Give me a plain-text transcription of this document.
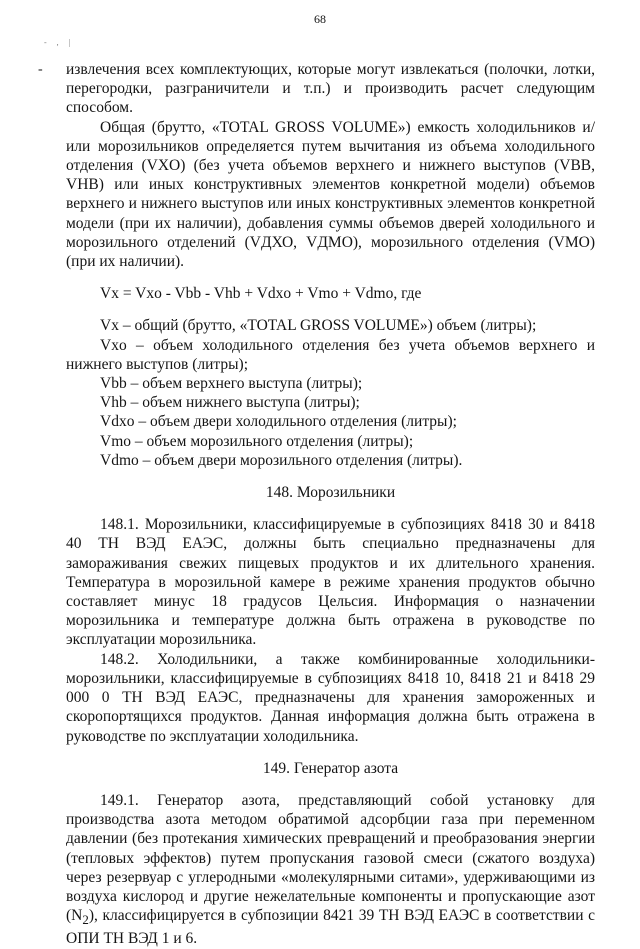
68
- , |
- извлечения всех комплектующих, которые могут извлекаться (полочки, лотки, перегородки, разграничители и т.п.) и производить расчет следующим способом.

Общая (брутто, «TOTAL GROSS VOLUME») емкость холодильников и/или морозильников определяется путем вычитания из объема холодильного отделения (VXO) (без учета объемов верхнего и нижнего выступов (VBB, VHB) или иных конструктивных элементов конкретной модели) объемов верхнего и нижнего выступов или иных конструктивных элементов конкретной модели (при их наличии), добавления суммы объемов дверей холодильного и морозильного отделений (VДХО, VДМО), морозильного отделения (VMO) (при их наличии).

Vx = Vxo - Vbb - Vhb + Vdxo + Vmo + Vdmo, где

Vx – общий (брутто, «TOTAL GROSS VOLUME») объем (литры);

Vxo – объем холодильного отделения без учета объемов верхнего и нижнего выступов (литры);

Vbb – объем верхнего выступа (литры);

Vhb – объем нижнего выступа (литры);

Vdxo – объем двери холодильного отделения (литры);

Vmo – объем морозильного отделения (литры);

Vdmo – объем двери морозильного отделения (литры).

148. Морозильники

148.1. Морозильники, классифицируемые в субпозициях 8418 30 и 8418 40 ТН ВЭД ЕАЭС, должны быть специально предназначены для замораживания свежих пищевых продуктов и их длительного хранения. Температура в морозильной камере в режиме хранения продуктов обычно составляет минус 18 градусов Цельсия. Информация о назначении морозильника и температуре должна быть отражена в руководстве по эксплуатации морозильника.

148.2. Холодильники, а также комбинированные холодильники-морозильники, классифицируемые в субпозициях 8418 10, 8418 21 и 8418 29 000 0 ТН ВЭД ЕАЭС, предназначены для хранения замороженных и скоропортящихся продуктов. Данная информация должна быть отражена в руководстве по эксплуатации холодильника.

149. Генератор азота

149.1. Генератор азота, представляющий собой установку для производства азота методом обратимой адсорбции газа при переменном давлении (без протекания химических превращений и преобразования энергии (тепловых эффектов) путем пропускания газовой смеси (сжатого воздуха) через резервуар с углеродными «молекулярными ситами», удерживающими из воздуха кислород и другие нежелательные компоненты и пропускающие азот $(N_2)$, классифицируется в субпозиции 8421 39 ТН ВЭД ЕАЭС в соответствии с ОПИ ТН ВЭД 1 и 6.
